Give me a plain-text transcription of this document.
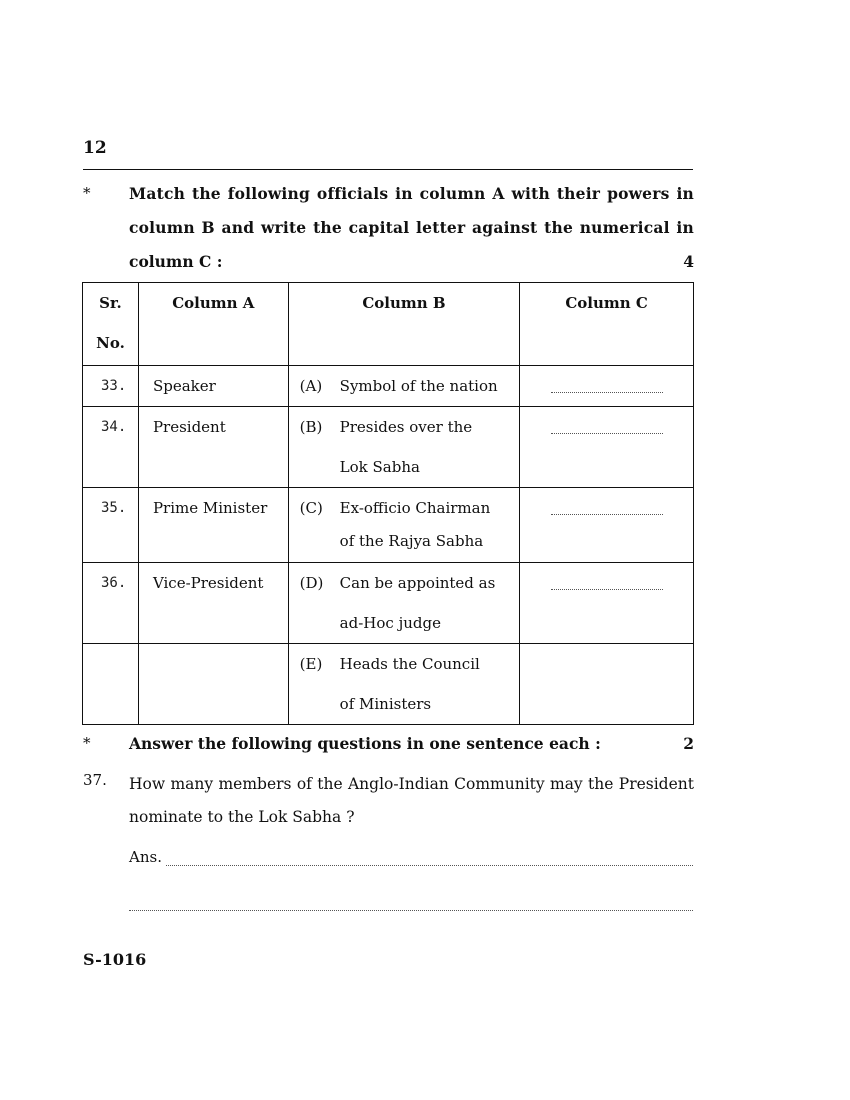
12
* Match the following officials in column A with their powers in
column B and write the capital letter against the numerical in
column C :	4
Sr.
No.	Column A	Column B	Column C
33.	Speaker	(A) Symbol of the nation	

34.	President	(B) Presides over the
Lok Sabha	

35.	Prime Minister	(C) Ex-officio Chairman
of the Rajya Sabha	

36.	Vice-President	(D) Can be appointed as
ad-Hoc judge	

		(E) Heads the Council
of Ministers	

* Answer the following questions in one sentence each :	2
37. How many members of the Anglo-Indian Community may the President
nominate to the Lok Sabha ?
Ans.
S-1016
